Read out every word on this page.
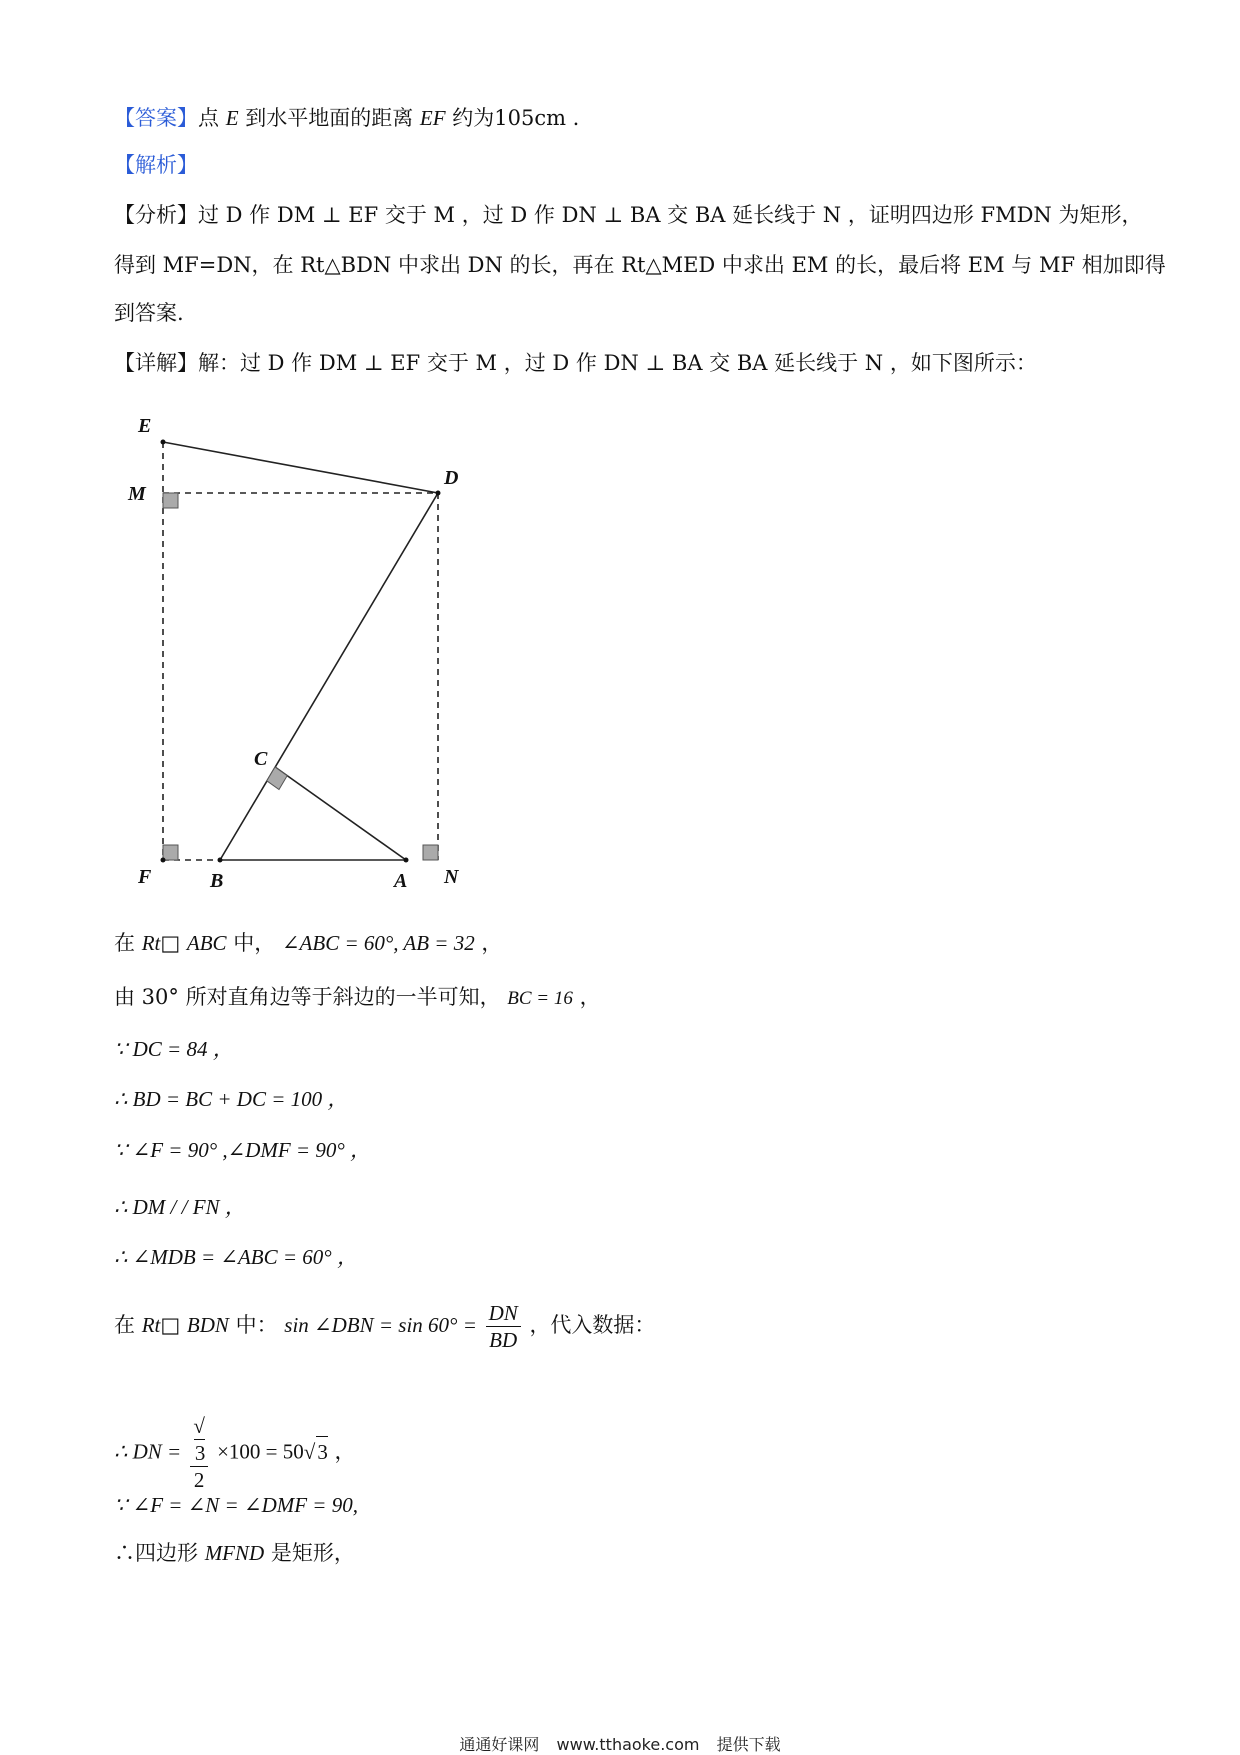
【答案】点 E 到水平地面的距离 EF 约为105cm .
【解析】
【分析】过 D 作 DM ⊥ EF 交于 M ，过 D 作 DN ⊥ BA 交 BA 延长线于 N ，证明四边形 FMDN 为矩形，
得到 MF=DN，在 Rt△BDN 中求出 DN 的长，再在 Rt△MED 中求出 EM 的长，最后将 EM 与 MF 相加即得
到答案.
【详解】解：过 D 作 DM ⊥ EF 交于 M ，过 D 作 DN ⊥ BA 交 BA 延长线于 N ，如下图所示：
E
M
D
C
F	B	A N
在 Rt□ ABC 中， ∠ABC = 60°, AB = 32 ，
由 30° 所对直角边等于斜边的一半可知， BC = 16 ，
∵ DC = 84 ，
∴ BD = BC + DC = 100 ，
∵ ∠F = 90° ,∠DMF = 90° ，
∴ DM / / FN ，
∴ ∠MDB = ∠ABC = 60° ，
在 Rt□ BDN 中： sin ∠DBN = $\sin 60^\circ = \frac{DN}{BD}$ ，代入数据：
∴ DN = √
3
2 ×100 = 50√3 ，
∵ ∠F = ∠N = ∠DMF = 90,
∴四边形 MFND 是矩形，
通通好课网 www.tthaoke.com 提供下载
